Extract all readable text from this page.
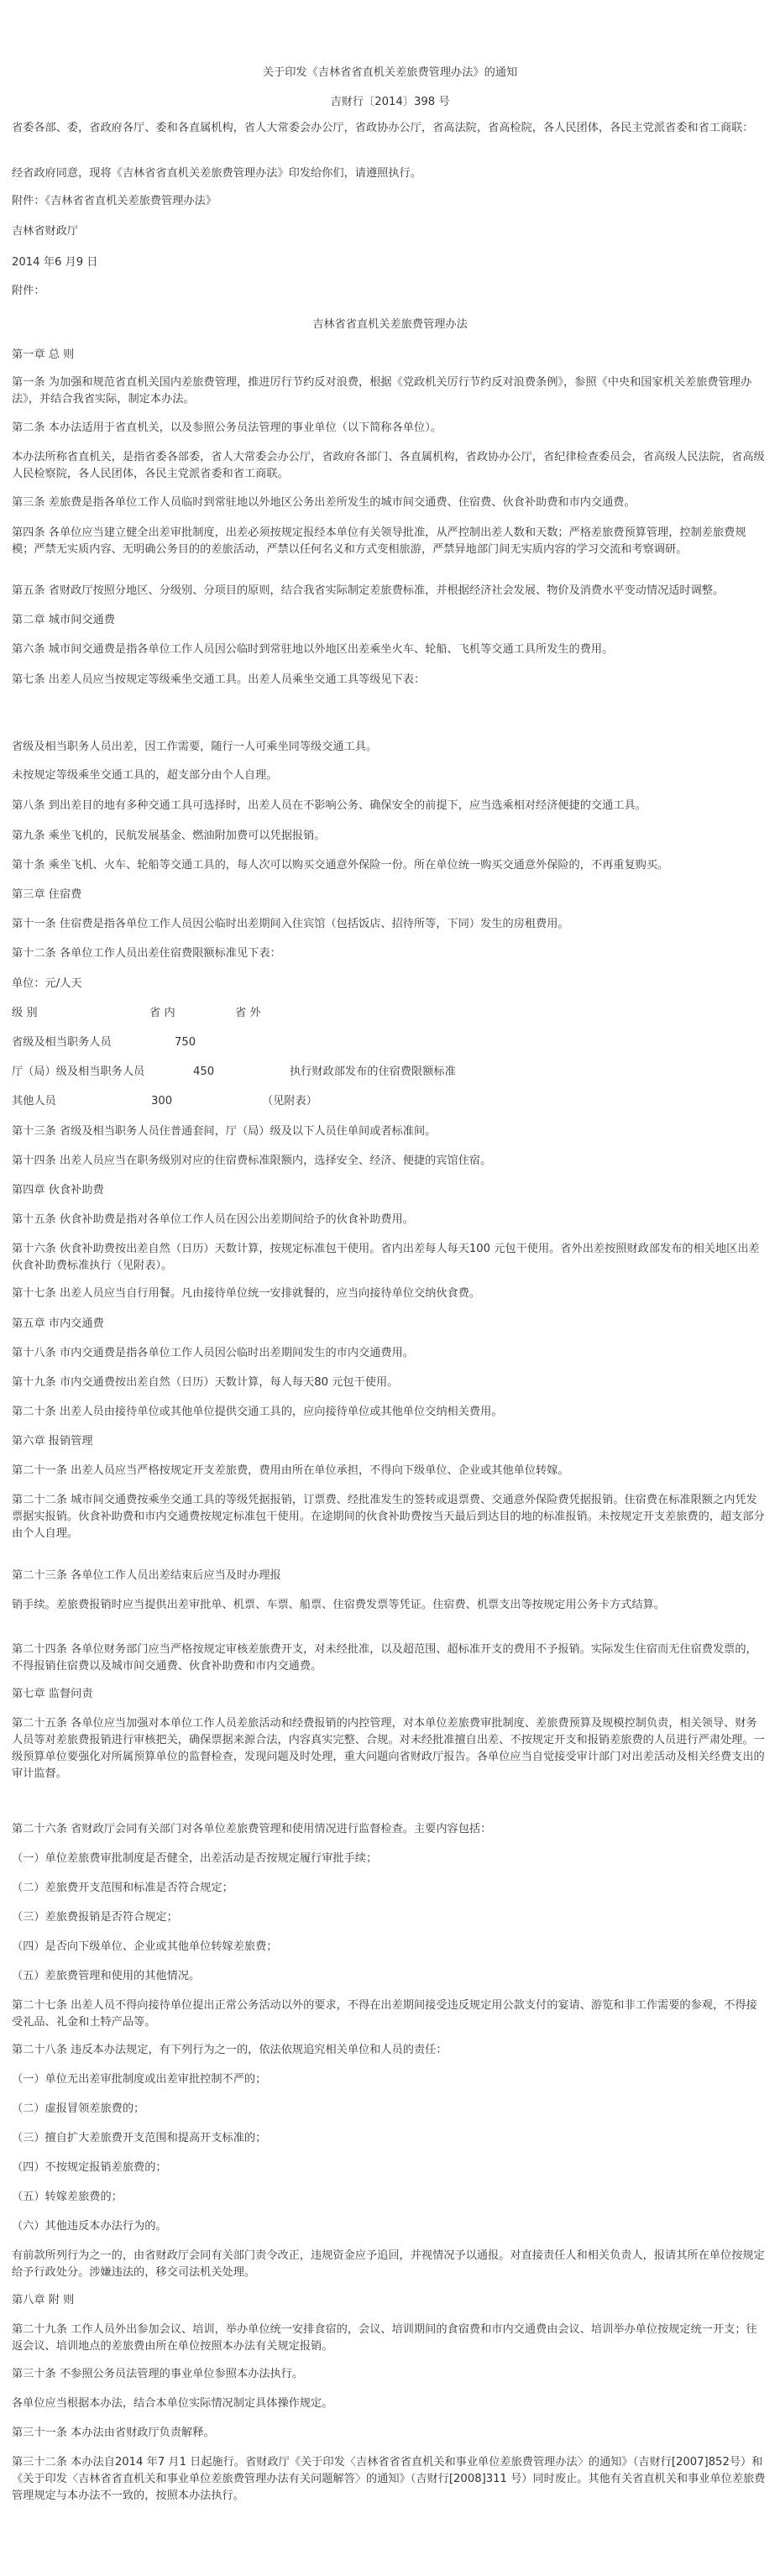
关于印发《吉林省省直机关差旅费管理办法》的通知
吉财行〔2014〕398 号
省委各部、委，省政府各厅、委和各直属机构，省人大常委会办公厅，省政协办公厅，省高法院，省高检院，各人民团体，各民主党派省委和省工商联：
经省政府同意，现将《吉林省省直机关差旅费管理办法》印发给你们，请遵照执行。
附件：《吉林省省直机关差旅费管理办法》
吉林省财政厅
2014 年6 月9 日
附件：
吉林省省直机关差旅费管理办法
第一章 总 则
第一条 为加强和规范省直机关国内差旅费管理，推进厉行节约反对浪费，根据《党政机关厉行节约反对浪费条例》，参照《中央和国家机关差旅费管理办法》，并结合我省实际，制定本办法。
第二条 本办法适用于省直机关，以及参照公务员法管理的事业单位（以下简称各单位）。
本办法所称省直机关，是指省委各部委，省人大常委会办公厅，省政府各部门、各直属机构，省政协办公厅，省纪律检查委员会，省高级人民法院，省高级人民检察院，各人民团体，各民主党派省委和省工商联。
第三条 差旅费是指各单位工作人员临时到常驻地以外地区公务出差所发生的城市间交通费、住宿费、伙食补助费和市内交通费。
第四条 各单位应当建立健全出差审批制度，出差必须按规定报经本单位有关领导批准，从严控制出差人数和天数；严格差旅费预算管理，控制差旅费规模；严禁无实质内容、无明确公务目的的差旅活动，严禁以任何名义和方式变相旅游，严禁异地部门间无实质内容的学习交流和考察调研。
第五条 省财政厅按照分地区、分级别、分项目的原则，结合我省实际制定差旅费标准，并根据经济社会发展、物价及消费水平变动情况适时调整。
第二章 城市间交通费
第六条 城市间交通费是指各单位工作人员因公临时到常驻地以外地区出差乘坐火车、轮船、飞机等交通工具所发生的费用。
第七条 出差人员应当按规定等级乘坐交通工具。出差人员乘坐交通工具等级见下表：
省级及相当职务人员出差，因工作需要，随行一人可乘坐同等级交通工具。
未按规定等级乘坐交通工具的，超支部分由个人自理。
第八条 到出差目的地有多种交通工具可选择时，出差人员在不影响公务、确保安全的前提下，应当选乘相对经济便捷的交通工具。
第九条 乘坐飞机的，民航发展基金、燃油附加费可以凭据报销。
第十条 乘坐飞机、火车、轮船等交通工具的，每人次可以购买交通意外保险一份。所在单位统一购买交通意外保险的，不再重复购买。
第三章 住宿费
第十一条 住宿费是指各单位工作人员因公临时出差期间入住宾馆（包括饭店、招待所等，下同）发生的房租费用。
第十二条 各单位工作人员出差住宿费限额标准见下表：
单位：元/人天
级 别	省 内	省 外
省级及相当职务人员	750
厅（局）级及相当职务人员	450	执行财政部发布的住宿费限额标准
其他人员	300	（见附表）
第十三条 省级及相当职务人员住普通套间，厅（局）级及以下人员住单间或者标准间。
第十四条 出差人员应当在职务级别对应的住宿费标准限额内，选择安全、经济、便捷的宾馆住宿。
第四章 伙食补助费
第十五条 伙食补助费是指对各单位工作人员在因公出差期间给予的伙食补助费用。
第十六条 伙食补助费按出差自然（日历）天数计算，按规定标准包干使用。省内出差每人每天100 元包干使用。省外出差按照财政部发布的相关地区出差伙食补助费标准执行（见附表）。
第十七条 出差人员应当自行用餐。凡由接待单位统一安排就餐的，应当向接待单位交纳伙食费。
第五章 市内交通费
第十八条 市内交通费是指各单位工作人员因公临时出差期间发生的市内交通费用。
第十九条 市内交通费按出差自然（日历）天数计算，每人每天80 元包干使用。
第二十条 出差人员由接待单位或其他单位提供交通工具的，应向接待单位或其他单位交纳相关费用。
第六章 报销管理
第二十一条 出差人员应当严格按规定开支差旅费，费用由所在单位承担，不得向下级单位、企业或其他单位转嫁。
第二十二条 城市间交通费按乘坐交通工具的等级凭据报销，订票费、经批准发生的签转或退票费、交通意外保险费凭据报销。住宿费在标准限额之内凭发票据实报销。伙食补助费和市内交通费按规定标准包干使用。在途期间的伙食补助费按当天最后到达目的地的标准报销。未按规定开支差旅费的，超支部分由个人自理。
第二十三条 各单位工作人员出差结束后应当及时办理报
销手续。差旅费报销时应当提供出差审批单、机票、车票、船票、住宿费发票等凭证。住宿费、机票支出等按规定用公务卡方式结算。
第二十四条 各单位财务部门应当严格按规定审核差旅费开支，对未经批准，以及超范围、超标准开支的费用不予报销。实际发生住宿而无住宿费发票的，不得报销住宿费以及城市间交通费、伙食补助费和市内交通费。
第七章 监督问责
第二十五条 各单位应当加强对本单位工作人员差旅活动和经费报销的内控管理，对本单位差旅费审批制度、差旅费预算及规模控制负责，相关领导、财务人员等对差旅费报销进行审核把关，确保票据来源合法，内容真实完整、合规。对未经批准擅自出差、不按规定开支和报销差旅费的人员进行严肃处理。一级预算单位要强化对所属预算单位的监督检查，发现问题及时处理，重大问题向省财政厅报告。各单位应当自觉接受审计部门对出差活动及相关经费支出的审计监督。
第二十六条 省财政厅会同有关部门对各单位差旅费管理和使用情况进行监督检查。主要内容包括：
（一）单位差旅费审批制度是否健全，出差活动是否按规定履行审批手续；
（二）差旅费开支范围和标准是否符合规定；
（三）差旅费报销是否符合规定；
（四）是否向下级单位、企业或其他单位转嫁差旅费；
（五）差旅费管理和使用的其他情况。
第二十七条 出差人员不得向接待单位提出正常公务活动以外的要求，不得在出差期间接受违反规定用公款支付的宴请、游览和非工作需要的参观，不得接受礼品、礼金和土特产品等。
第二十八条 违反本办法规定，有下列行为之一的，依法依规追究相关单位和人员的责任：
（一）单位无出差审批制度或出差审批控制不严的；
（二）虚报冒领差旅费的；
（三）擅自扩大差旅费开支范围和提高开支标准的；
（四）不按规定报销差旅费的；
（五）转嫁差旅费的；
（六）其他违反本办法行为的。
有前款所列行为之一的，由省财政厅会同有关部门责令改正，违规资金应予追回，并视情况予以通报。对直接责任人和相关负责人，报请其所在单位按规定给予行政处分。涉嫌违法的，移交司法机关处理。
第八章 附 则
第二十九条 工作人员外出参加会议、培训，举办单位统一安排食宿的，会议、培训期间的食宿费和市内交通费由会议、培训举办单位按规定统一开支；往返会议、培训地点的差旅费由所在单位按照本办法有关规定报销。
第三十条 不参照公务员法管理的事业单位参照本办法执行。
各单位应当根据本办法，结合本单位实际情况制定具体操作规定。
第三十一条 本办法由省财政厅负责解释。
第三十二条 本办法自2014 年7 月1 日起施行。省财政厅《关于印发〈吉林省省省直机关和事业单位差旅费管理办法〉的通知》（吉财行[2007]852号）和《关于印发〈吉林省省直机关和事业单位差旅费管理办法有关问题解答〉的通知》（吉财行[2008]311 号）同时废止。其他有关省直机关和事业单位差旅费管理规定与本办法不一致的，按照本办法执行。
